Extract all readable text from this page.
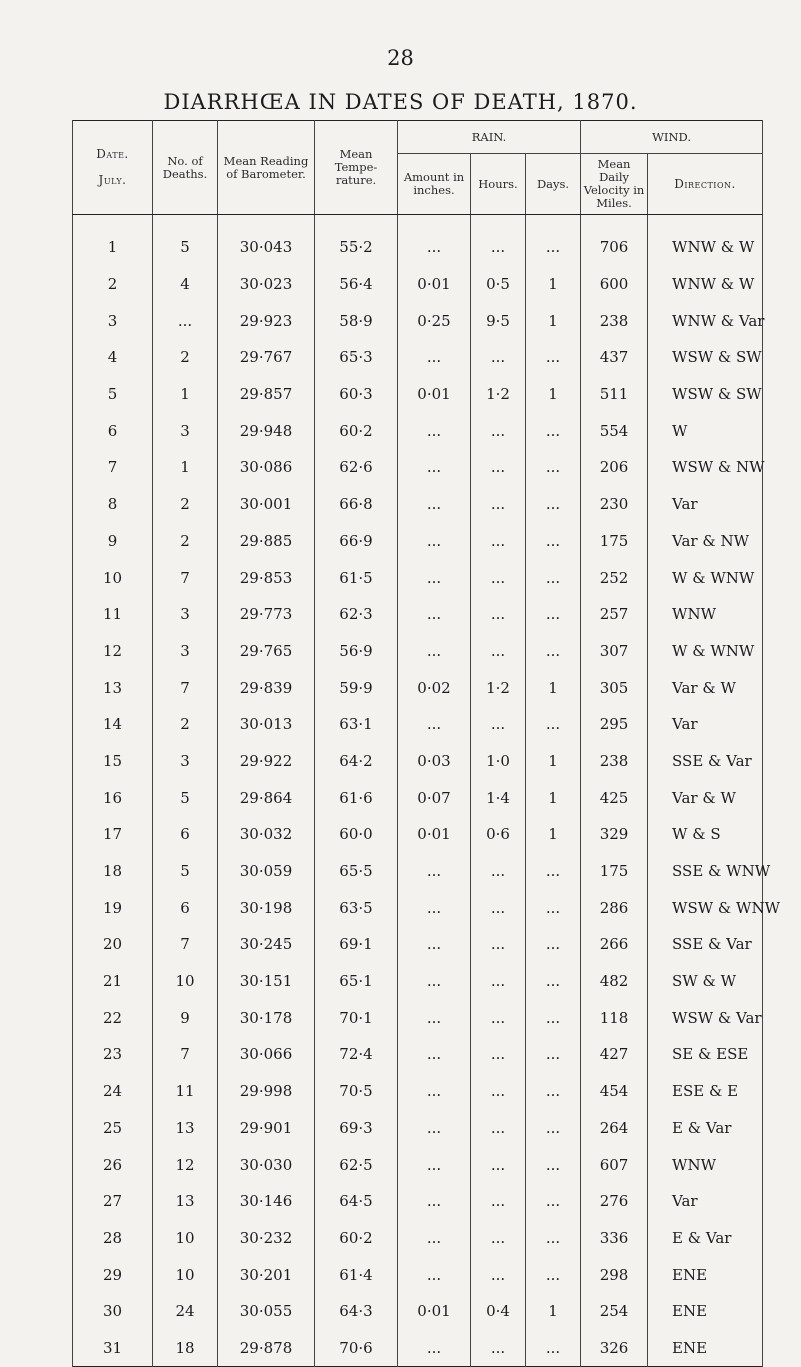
28
DIARRHŒA IN DATES OF DEATH, 1870.
Date.

July.	No. of Deaths.	Mean Reading of Barometer.	Mean Tempe-rature.	RAIN.			WIND.	
				Amount in inches.	Hours.	Days.	Mean Daily Velocity in Miles.	Direction.

1	5	30·043	55·2	...	...	...	706	WNW & W
2	4	30·023	56·4	0·01	0·5	1	600	WNW & W
3	...	29·923	58·9	0·25	9·5	1	238	WNW & Var
4	2	29·767	65·3	...	...	...	437	WSW & SW
5	1	29·857	60·3	0·01	1·2	1	511	WSW & SW
6	3	29·948	60·2	...	...	...	554	W
7	1	30·086	62·6	...	...	...	206	WSW & NW
8	2	30·001	66·8	...	...	...	230	Var
9	2	29·885	66·9	...	...	...	175	Var & NW
10	7	29·853	61·5	...	...	...	252	W & WNW
11	3	29·773	62·3	...	...	...	257	WNW
12	3	29·765	56·9	...	...	...	307	W & WNW
13	7	29·839	59·9	0·02	1·2	1	305	Var & W
14	2	30·013	63·1	...	...	...	295	Var
15	3	29·922	64·2	0·03	1·0	1	238	SSE & Var
16	5	29·864	61·6	0·07	1·4	1	425	Var & W
17	6	30·032	60·0	0·01	0·6	1	329	W & S
18	5	30·059	65·5	...	...	...	175	SSE & WNW
19	6	30·198	63·5	...	...	...	286	WSW & WNW
20	7	30·245	69·1	...	...	...	266	SSE & Var
21	10	30·151	65·1	...	...	...	482	SW & W
22	9	30·178	70·1	...	...	...	118	WSW & Var
23	7	30·066	72·4	...	...	...	427	SE & ESE
24	11	29·998	70·5	...	...	...	454	ESE & E
25	13	29·901	69·3	...	...	...	264	E & Var
26	12	30·030	62·5	...	...	...	607	WNW
27	13	30·146	64·5	...	...	...	276	Var
28	10	30·232	60·2	...	...	...	336	E & Var
29	10	30·201	61·4	...	...	...	298	ENE
30	24	30·055	64·3	0·01	0·4	1	254	ENE
31	18	29·878	70·6	...	...	...	326	ENE
